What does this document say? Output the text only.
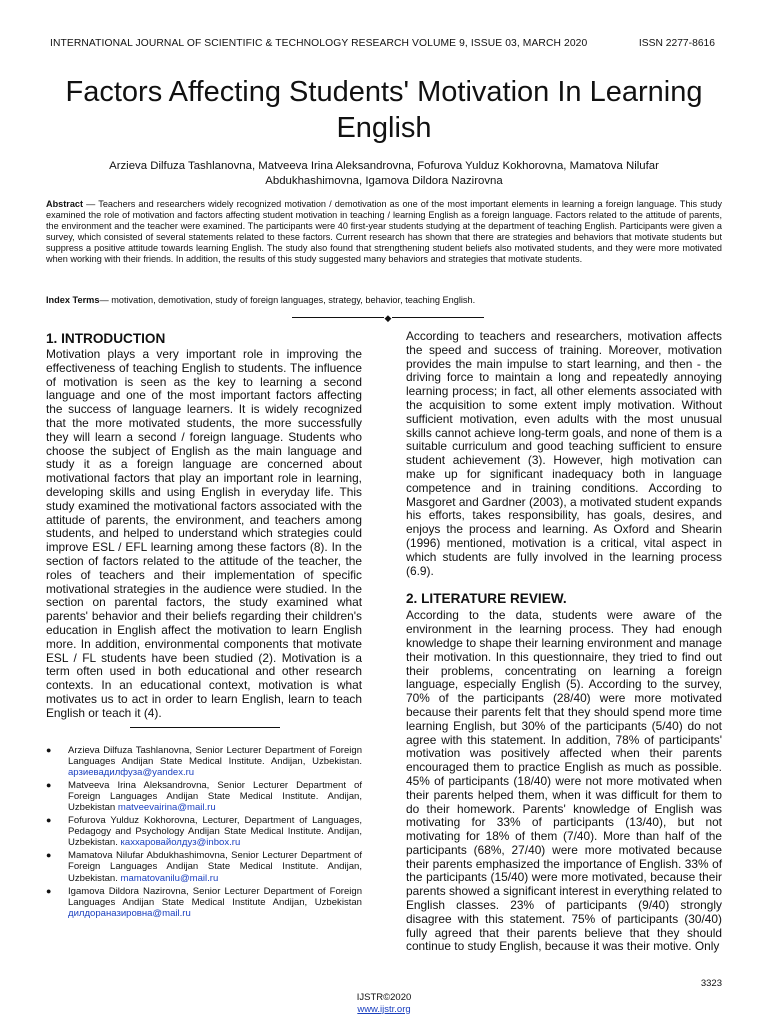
INTERNATIONAL JOURNAL OF SCIENTIFIC & TECHNOLOGY RESEARCH VOLUME 9, ISSUE 03, MARCH 2020	ISSN 2277-8616
Factors Affecting Students' Motivation In Learning English

Arzieva Dilfuza Tashlanovna, Matveeva Irina Aleksandrovna, Fofurova Yulduz Kokhorovna, Mamatova Nilufar Abdukhashimovna, Igamova Dildora Nazirovna

Abstract — Teachers and researchers widely recognized motivation / demotivation as one of the most important elements in learning a foreign language. This study examined the role of motivation and factors affecting student motivation in teaching / learning English as a foreign language. Factors related to the attitude of parents, the environment and the teacher were examined. The participants were 40 first-year students studying at the department of teaching English. Participants were given a survey, which consisted of several statements related to these factors. Current research has shown that there are strategies and behaviors that motivate students but suppress a positive attitude towards learning English. The study also found that strengthening student beliefs also motivated students, and they were more motivated when working with their friends. In addition, the results of this study suggested many behaviors and strategies that motivate students.

Index Terms— motivation, demotivation, study of foreign languages, strategy, behavior, teaching English.

◆
1. INTRODUCTION

Motivation plays a very important role in improving the effectiveness of teaching English to students. The influence of motivation is seen as the key to learning a second language and one of the most important factors affecting the success of language learners. It is widely recognized that the more motivated students, the more successfully they will learn a second / foreign language. Students who choose the subject of English as the main language and study it as a foreign language are concerned about motivational factors that play an important role in learning, developing skills and using English in everyday life. This study examined the motivational factors associated with the attitude of parents, the environment, and teachers among students, and helped to understand which strategies could improve ESL / EFL learning among these factors (8). In the section of factors related to the attitude of the teacher, the roles of teachers and their implementation of specific motivational strategies in the audience were studied. In the section on parental factors, the study examined what parents' behavior and their beliefs regarding their children's education in English affect the motivation to learn English more. In addition, environmental components that motivate ESL / FL students have been studied (2). Motivation is a term often used in both educational and other research contexts. In an educational context, motivation is what motivates us to act in order to learn English, learn to teach English or teach it (4).

● Arzieva Dilfuza Tashlanovna, Senior Lecturer Department of Foreign Languages Andijan State Medical Institute. Andijan, Uzbekistan. арзиевадилфуза@yandex.ru
● Matveeva Irina Aleksandrovna, Senior Lecturer Department of Foreign Languages Andijan State Medical Institute. Andijan, Uzbekistan matveevairina@mail.ru
● Fofurova Yulduz Kokhorovna, Lecturer, Department of Languages, Pedagogy and Psychology Andijan State Medical Institute. Andijan, Uzbekistan. каххаровайолдуз@inbox.ru
● Mamatova Nilufar Abdukhashimovna, Senior Lecturer Department of Foreign Languages Andijan State Medical Institute. Andijan, Uzbekistan. mamatovanilu@mail.ru
● Igamova Dildora Nazirovna, Senior Lecturer Department of Foreign Languages Andijan State Medical Institute Andijan, Uzbekistan дилдораназировна@mail.ru

According to teachers and researchers, motivation affects the speed and success of training. Moreover, motivation provides the main impulse to start learning, and then - the driving force to maintain a long and repeatedly annoying learning process; in fact, all other elements associated with the acquisition to some extent imply motivation. Without sufficient motivation, even adults with the most unusual skills cannot achieve long-term goals, and none of them is a suitable curriculum and good teaching sufficient to ensure student achievement (3). However, high motivation can make up for significant inadequacy both in language competence and in training conditions. According to Masgoret and Gardner (2003), a motivated student expands his efforts, takes responsibility, has goals, desires, and enjoys the process and learning. As Oxford and Shearin (1996) mentioned, motivation is a critical, vital aspect in which students are fully involved in the learning process (6.9).

2. LITERATURE REVIEW.

According to the data, students were aware of the environment in the learning process. They had enough knowledge to shape their learning environment and manage their motivation. In this questionnaire, they tried to find out their problems, concentrating on learning a foreign language, especially English (5). According to the survey, 70% of the participants (28/40) were more motivated because their parents felt that they should spend more time learning English, but 30% of the participants (5/40) do not agree with this statement. In addition, 78% of participants' motivation was positively affected when their parents encouraged them to practice English as much as possible. 45% of participants (18/40) were not more motivated when their parents helped them, when it was difficult for them to do their homework. Parents' knowledge of English was motivating for 33% of participants (13/40), but not motivating for 18% of them (7/40). More than half of the participants (68%, 27/40) were more motivated because their parents emphasized the importance of English. 33% of the participants (15/40) were more motivated, because their parents showed a significant interest in everything related to English classes. 23% of participants (9/40) strongly disagree with this statement. 75% of participants (30/40) fully agreed that their parents believe that they should continue to study English, because it was their motive. Only

3323
IJSTR©2020
www.ijstr.org
